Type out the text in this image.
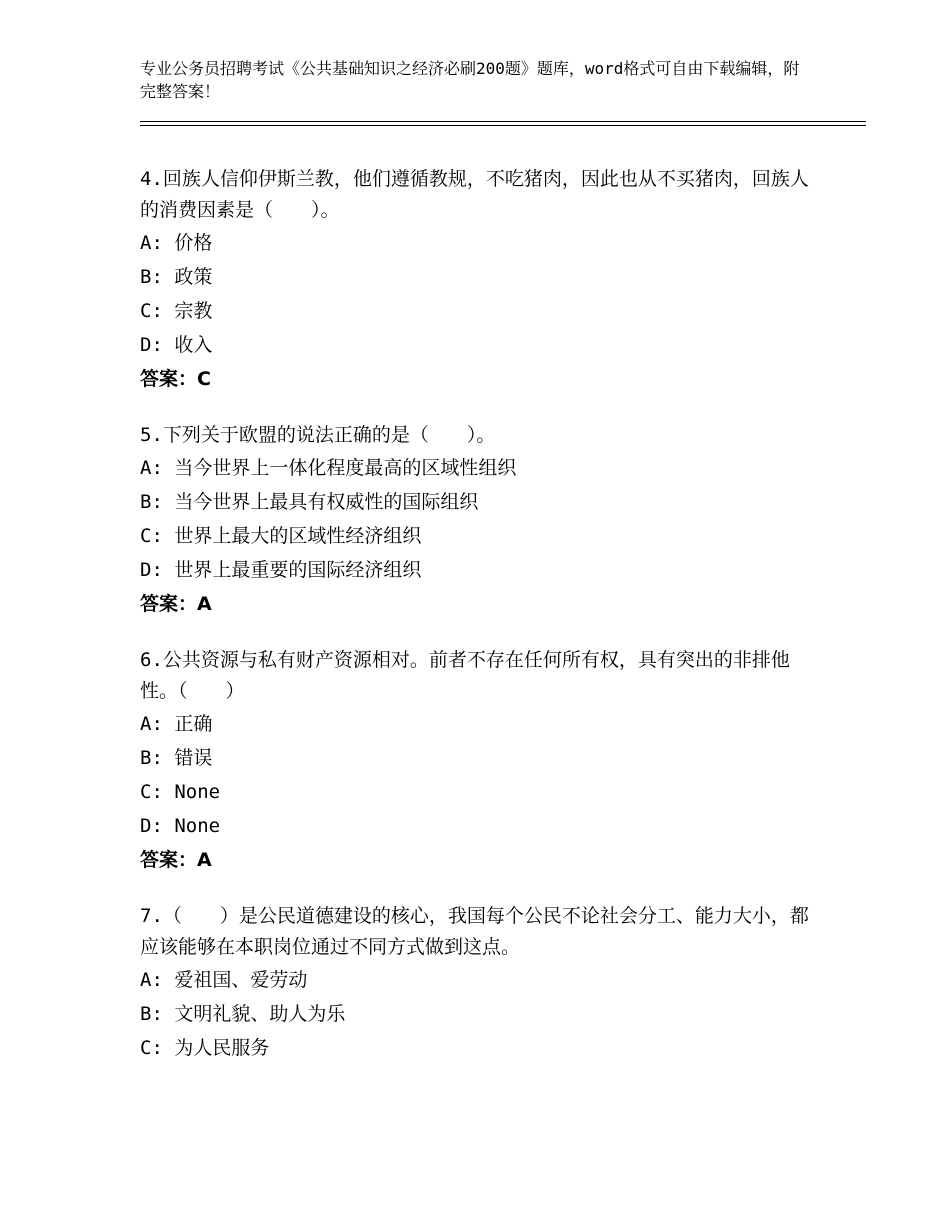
专业公务员招聘考试《公共基础知识之经济必刷200题》题库，word格式可自由下载编辑，附完整答案！

4.回族人信仰伊斯兰教，他们遵循教规，不吃猪肉，因此也从不买猪肉，回族人的消费因素是（　　）。

A: 价格

B: 政策

C: 宗教

D: 收入

答案：C

5.下列关于欧盟的说法正确的是（　　）。

A: 当今世界上一体化程度最高的区域性组织

B: 当今世界上最具有权威性的国际组织

C: 世界上最大的区域性经济组织

D: 世界上最重要的国际经济组织

答案：A

6.公共资源与私有财产资源相对。前者不存在任何所有权，具有突出的非排他性。（　　）

A: 正确

B: 错误

C: None

D: None

答案：A

7.（　　）是公民道德建设的核心，我国每个公民不论社会分工、能力大小，都应该能够在本职岗位通过不同方式做到这点。

A: 爱祖国、爱劳动

B: 文明礼貌、助人为乐

C: 为人民服务
